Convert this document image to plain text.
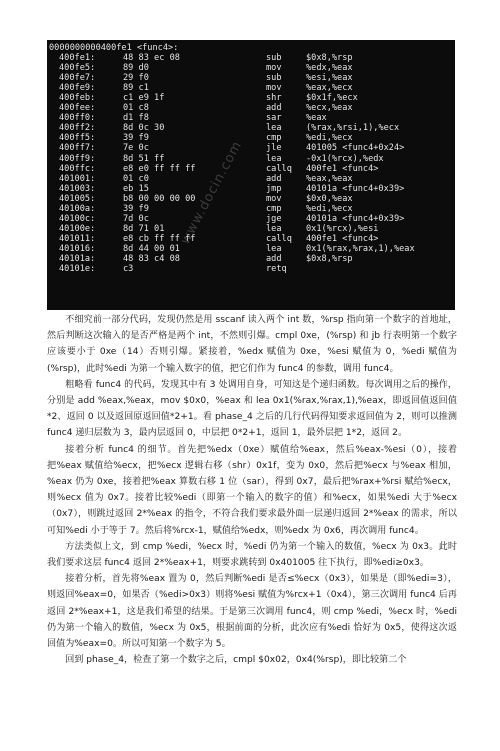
0000000000400fe1 <func4>:
400fe1:	48 83 ec 08	sub	$0x8,%rsp
400fe5:	89 d0	mov	%edx,%eax
400fe7:	29 f0	sub	%esi,%eax
400fe9:	89 c1	mov	%eax,%ecx
400feb:	c1 e9 1f	shr	$0x1f,%ecx
400fee:	01 c8	add	%ecx,%eax
400ff0:	d1 f8	sar	%eax
400ff2:	8d 0c 30	lea	(%rax,%rsi,1),%ecx
400ff5:	39 f9	cmp	%edi,%ecx
400ff7:	7e 0c	jle	401005 <func4+0x24>
400ff9:	8d 51 ff	lea	-0x1(%rcx),%edx
400ffc:	e8 e0 ff ff ff	callq	400fe1 <func4>
401001:	01 c0	add	%eax,%eax
401003:	eb 15	jmp	40101a <func4+0x39>
401005:	b8 00 00 00 00	mov	$0x0,%eax
40100a:	39 f9	cmp	%edi,%ecx
40100c:	7d 0c	jge	40101a <func4+0x39>
40100e:	8d 71 01	lea	0x1(%rcx),%esi
401011:	e8 cb ff ff ff	callq	400fe1 <func4>
401016:	8d 44 00 01	lea	0x1(%rax,%rax,1),%eax
40101a:	48 83 c4 08	add	$0x8,%rsp
40101e:	c3	retq

不细究前一部分代码，发现仍然是用 sscanf 读入两个 int 数，%rsp 指向第一个数字的首地址，然后判断这次输入的是否严格是两个 int，不然则引爆。cmpl 0xe，(%rsp) 和 jb 行表明第一个数字应该要小于 0xe（14）否则引爆。紧接着，%edx 赋值为 0xe，%esi 赋值为 0，%edi 赋值为(%rsp)，此时%edi 为第一个输入数字的值，把它们作为 func4 的参数，调用 func4。

粗略看 func4 的代码，发现其中有 3 处调用自身，可知这是个递归函数。每次调用之后的操作，分别是 add %eax,%eax，mov $0x0，%eax 和 lea 0x1(%rax,%rax,1),%eax，即返回值返回值*2、返回 0 以及返回原返回值*2+1。看 phase_4 之后的几行代码得知要求返回值为 2，则可以推测 func4 递归层数为 3，最内层返回 0，中层把 0*2+1，返回 1，最外层把 1*2，返回 2。

接着分析 func4 的细节。首先把%edx（0xe）赋值给%eax，然后%eax-%esi（0），接着把%eax 赋值给%ecx，把%ecx 逻辑右移（shr）0x1f，变为 0x0，然后把%ecx 与%eax 相加，%eax 仍为 0xe，接着把%eax 算数右移 1 位（sar），得到 0x7，最后把%rax+%rsi 赋给%ecx，则%ecx 值为 0x7。接着比较%edi（即第一个输入的数字的值）和%ecx，如果%edi 大于%ecx（0x7），则跳过返回 2*%eax 的指令，不符合我们要求最外面一层递归返回 2*%eax 的需求，所以可知%edi 小于等于 7。然后将%rcx-1，赋值给%edx，则%edx 为 0x6，再次调用 func4。

方法类似上文，到 cmp %edi，%ecx 时，%edi 仍为第一个输入的数值，%ecx 为 0x3。此时我们要求这层 func4 返回 2*%eax+1，则要求跳转到 0x401005 往下执行，即%edi≥0x3。

接着分析，首先将%eax 置为 0，然后判断%edi 是否≤%ecx（0x3），如果是（即%edi=3），则返回%eax=0，如果否（%edi>0x3）则将%esi 赋值为%rcx+1（0x4），第三次调用 func4 后再返回 2*%eax+1，这是我们希望的结果。于是第三次调用 func4，则 cmp %edi，%ecx 时，%edi 仍为第一个输入的数值，%ecx 为 0x5，根据前面的分析，此次应有%edi 恰好为 0x5，使得这次返回值为%eax=0。所以可知第一个数字为 5。

回到 phase_4，检查了第一个数字之后，cmpl $0x02，0x4(%rsp)，即比较第二个

www.docin.com
